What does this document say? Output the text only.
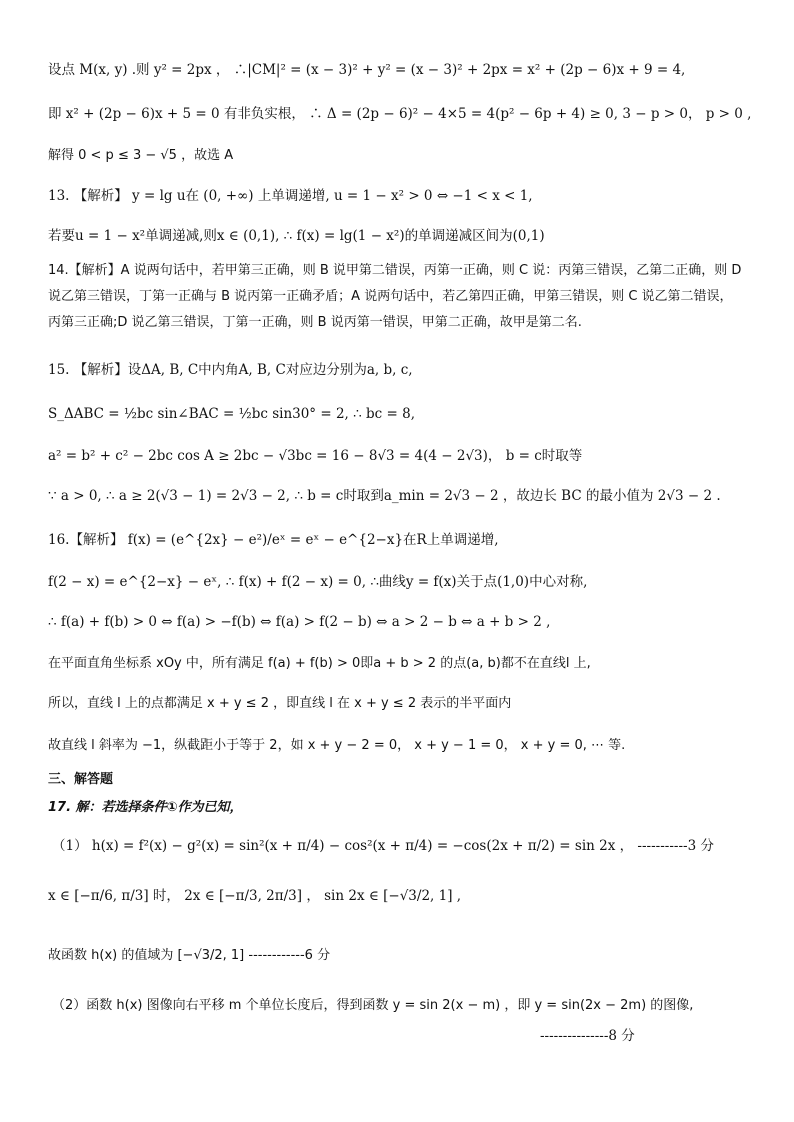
设点 M(x, y) .则 y² = 2px ， ∴|CM|² = (x − 3)² + y² = (x − 3)² + 2px = x² + (2p − 6)x + 9 = 4,
即 x² + (2p − 6)x + 5 = 0 有非负实根， ∴ Δ = (2p − 6)² − 4×5 = 4(p² − 6p + 4) ≥ 0, 3 − p > 0， p > 0 ,
解得 0 < p ≤ 3 − √5 ，故选 A
13. 【解析】 y = lg u在 (0, +∞) 上单调递增, u = 1 − x² > 0 ⇔ −1 < x < 1,
若要u = 1 − x²单调递减,则x ∈ (0,1), ∴ f(x) = lg(1 − x²)的单调递减区间为(0,1)
14.【解析】A 说两句话中，若甲第三正确，则 B 说甲第二错误，丙第一正确，则 C 说：丙第三错误，乙第二正确，则 D 说乙第三错误，丁第一正确与 B 说丙第一正确矛盾；A 说两句话中，若乙第四正确，甲第三错误，则 C 说乙第二错误，丙第三正确;D 说乙第三错误，丁第一正确，则 B 说丙第一错误，甲第二正确，故甲是第二名.
15. 【解析】设ΔA, B, C中内角A, B, C对应边分别为a, b, c,
S_ΔABC = ½bc sin∠BAC = ½bc sin30° = 2, ∴ bc = 8,
a² = b² + c² − 2bc cos A ≥ 2bc − √3bc = 16 − 8√3 = 4(4 − 2√3)， b = c时取等
∵ a > 0, ∴ a ≥ 2(√3 − 1) = 2√3 − 2, ∴ b = c时取到a_min = 2√3 − 2 ，故边长 BC 的最小值为 2√3 − 2 .
16.【解析】 f(x) = (e^{2x} − e²)/eˣ = eˣ − e^{2−x}在R上单调递增,
f(2 − x) = e^{2−x} − eˣ, ∴ f(x) + f(2 − x) = 0, ∴曲线y = f(x)关于点(1,0)中心对称,
∴ f(a) + f(b) > 0 ⇔ f(a) > −f(b) ⇔ f(a) > f(2 − b) ⇔ a > 2 − b ⇔ a + b > 2 ,
在平面直角坐标系 xOy 中，所有满足 f(a) + f(b) > 0即a + b > 2 的点(a, b)都不在直线l 上,
所以，直线 l 上的点都满足 x + y ≤ 2 ，即直线 l 在 x + y ≤ 2 表示的半平面内
故直线 l 斜率为 −1，纵截距小于等于 2，如 x + y − 2 = 0， x + y − 1 = 0， x + y = 0, ⋯ 等.
三、解答题
17. 解：若选择条件①作为已知，
（1） h(x) = f²(x) − g²(x) = sin²(x + π/4) − cos²(x + π/4) = −cos(2x + π/2) = sin 2x ， -----------3 分
x ∈ [−π/6, π/3] 时， 2x ∈ [−π/3, 2π/3] ， sin 2x ∈ [−√3/2, 1] ,
故函数 h(x) 的值域为 [−√3/2, 1] ------------6 分
（2）函数 h(x) 图像向右平移 m 个单位长度后，得到函数 y = sin 2(x − m) ，即 y = sin(2x − 2m) 的图像,
---------------8 分
